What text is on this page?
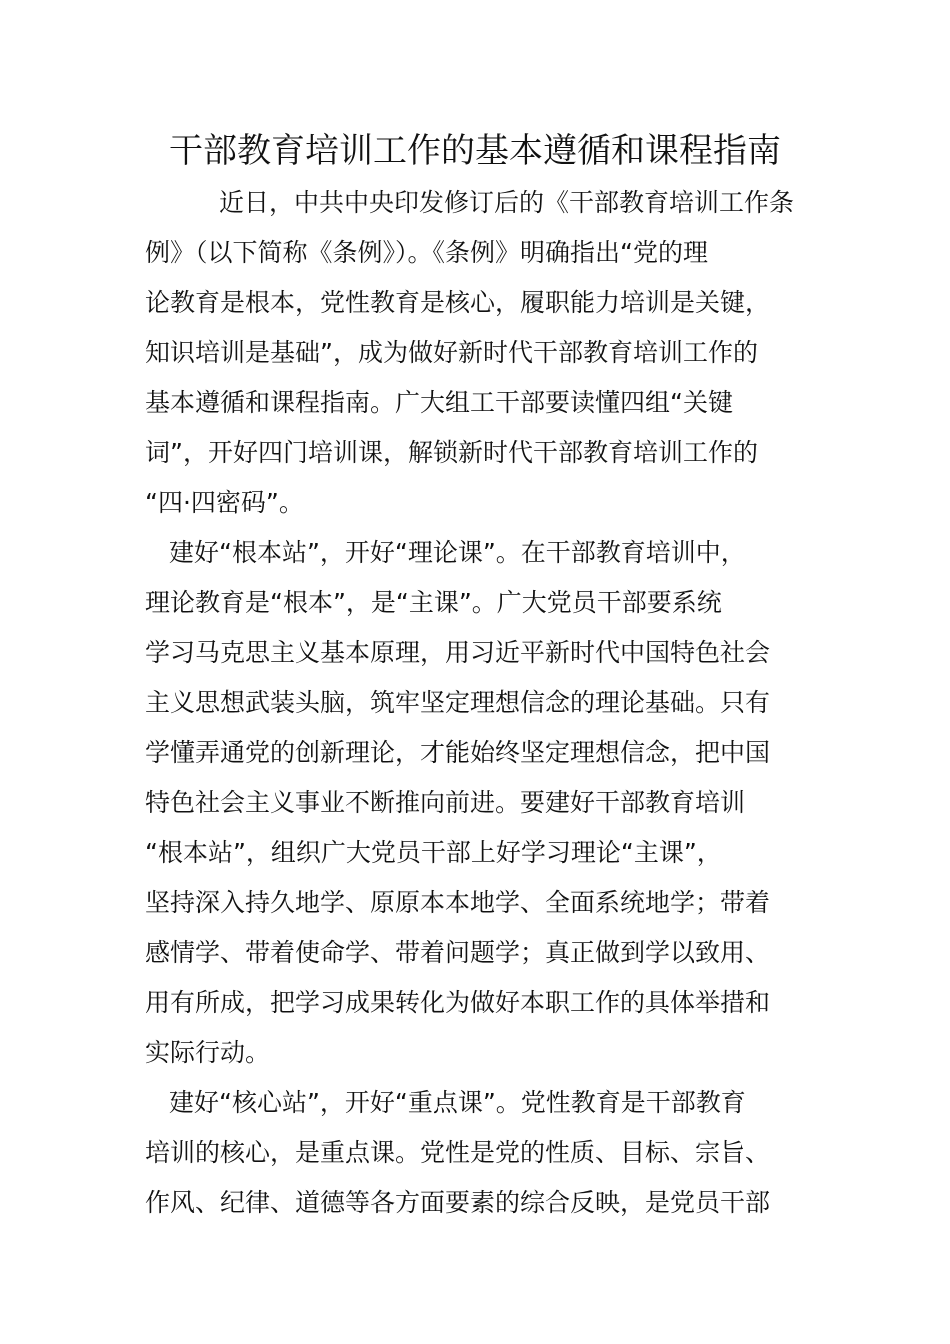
干部教育培训工作的基本遵循和课程指南
近日，中共中央印发修订后的《干部教育培训工作条
例》（以下简称《条例》）。《条例》明确指出“党的理
论教育是根本，党性教育是核心，履职能力培训是关键，
知识培训是基础”，成为做好新时代干部教育培训工作的
基本遵循和课程指南。广大组工干部要读懂四组“关键
词”，开好四门培训课，解锁新时代干部教育培训工作的
“四·四密码”。
建好“根本站”，开好“理论课”。在干部教育培训中，
理论教育是“根本”，是“主课”。广大党员干部要系统
学习马克思主义基本原理，用习近平新时代中国特色社会
主义思想武装头脑，筑牢坚定理想信念的理论基础。只有
学懂弄通党的创新理论，才能始终坚定理想信念，把中国
特色社会主义事业不断推向前进。要建好干部教育培训
“根本站”，组织广大党员干部上好学习理论“主课”，
坚持深入持久地学、原原本本地学、全面系统地学；带着
感情学、带着使命学、带着问题学；真正做到学以致用、
用有所成，把学习成果转化为做好本职工作的具体举措和
实际行动。
建好“核心站”，开好“重点课”。党性教育是干部教育
培训的核心，是重点课。党性是党的性质、目标、宗旨、
作风、纪律、道德等各方面要素的综合反映，是党员干部
